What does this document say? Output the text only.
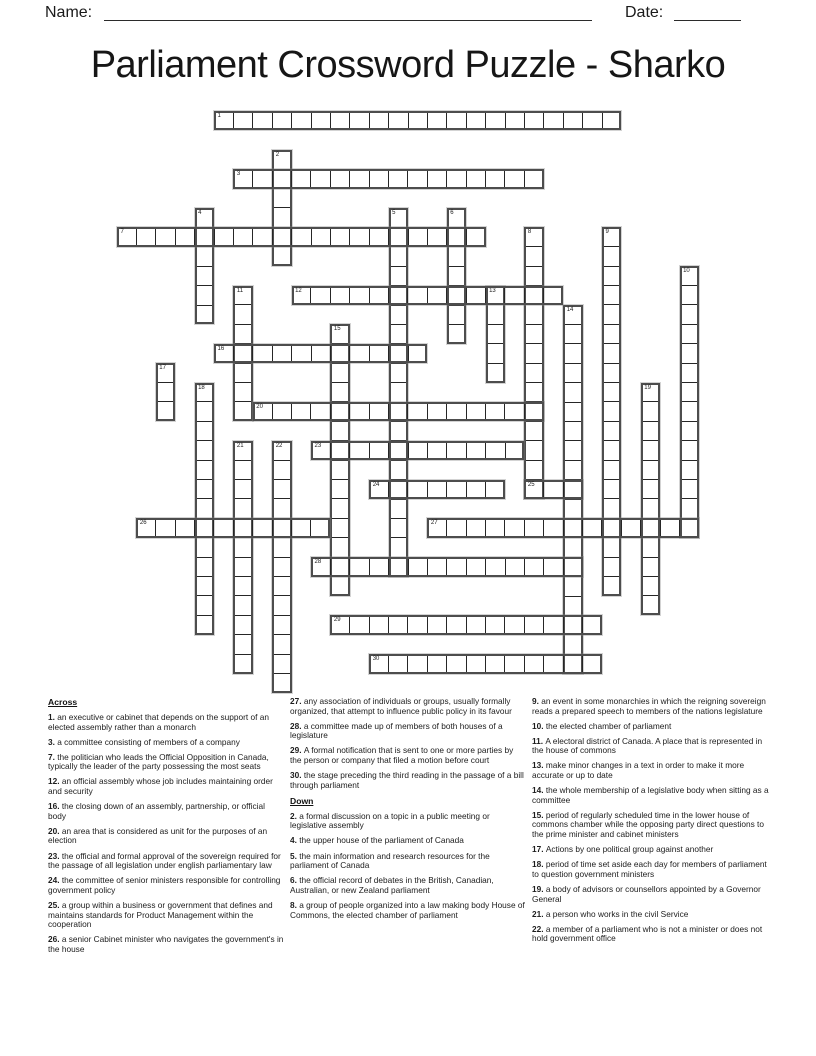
Name:	Date:
Parliament Crossword Puzzle - Sharko
2
4	5	6
8	9
10
11	13
14
15
17
18	19
21	22
1
3
7
12
16
20
23
24	25
26	27
28
29
30
Across

1. an executive or cabinet that depends on the support of an elected assembly rather than a monarch

3. a committee consisting of members of a company

7. the politician who leads the Official Opposition in Canada, typically the leader of the party possessing the most seats

12. an official assembly whose job includes maintaining order and security

16. the closing down of an assembly, partnership, or official body

20. an area that is considered as unit for the purposes of an election

23. the official and formal approval of the sovereign required for the passage of all legislation under english parliamentary law

24. the committee of senior ministers responsible for controlling government policy

25. a group within a business or government that defines and maintains standards for Product Management within the cooperation

26. a senior Cabinet minister who navigates the government's in the house

27. any association of individuals or groups, usually formally organized, that attempt to influence public policy in its favour

28. a committee made up of members of both houses of a legislature

29. A formal notification that is sent to one or more parties by the person or company that filed a motion before court

30. the stage preceding the third reading in the passage of a bill through parliament

Down

2. a formal discussion on a topic in a public meeting or legislative assembly

4. the upper house of the parliament of Canada

5. the main information and research resources for the parliament of Canada

6. the official record of debates in the British, Canadian, Australian, or new Zealand parliament

8. a group of people organized into a law making body House of Commons, the elected chamber of parliament

9. an event in some monarchies in which the reigning sovereign reads a prepared speech to members of the nations legislature

10. the elected chamber of parliament

11. A electoral district of Canada. A place that is represented in the house of commons

13. make minor changes in a text in order to make it more accurate or up to date

14. the whole membership of a legislative body when sitting as a committee

15. period of regularly scheduled time in the lower house of commons chamber while the opposing party direct questions to the prime minister and cabinet ministers

17. Actions by one political group against another

18. period of time set aside each day for members of parliament to question government ministers

19. a body of advisors or counsellors appointed by a Governor General

21. a person who works in the civil Service

22. a member of a parliament who is not a minister or does not hold government office
